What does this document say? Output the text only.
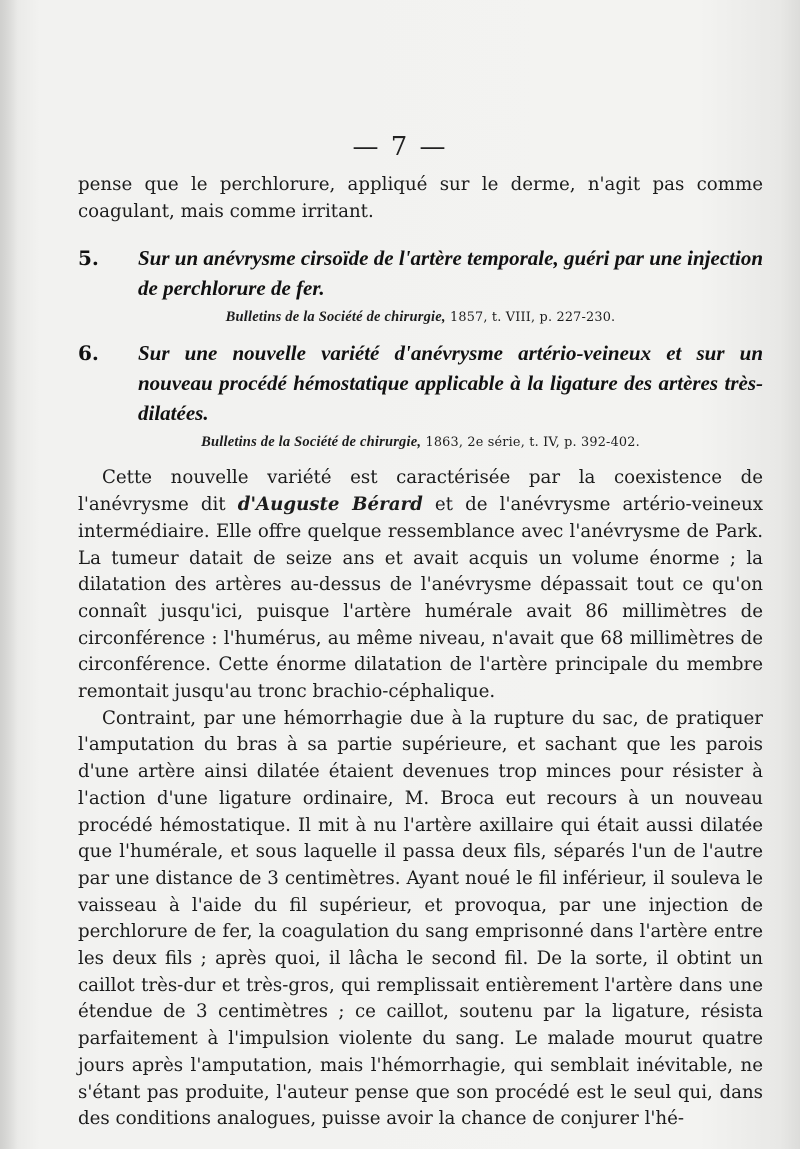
— 7 —

pense que le perchlorure, appliqué sur le derme, n'agit pas comme coagulant, mais comme irritant.

5. Sur un anévrysme cirsoïde de l'artère temporale, guéri par une injection de perchlorure de fer.
Bulletins de la Société de chirurgie, 1857, t. VIII, p. 227-230.
6. Sur une nouvelle variété d'anévrysme artério-veineux et sur un nouveau procédé hémostatique applicable à la ligature des artères très-dilatées.
Bulletins de la Société de chirurgie, 1863, 2e série, t. IV, p. 392-402.

Cette nouvelle variété est caractérisée par la coexistence de l'anévrysme dit d'Auguste Bérard et de l'anévrysme artério-veineux intermédiaire. Elle offre quelque ressemblance avec l'anévrysme de Park. La tumeur datait de seize ans et avait acquis un volume énorme ; la dilatation des artères au-dessus de l'anévrysme dépassait tout ce qu'on connaît jusqu'ici, puisque l'artère humérale avait 86 millimètres de circonférence : l'humérus, au même niveau, n'avait que 68 millimètres de circonférence. Cette énorme dilatation de l'artère principale du membre remontait jusqu'au tronc brachio-céphalique.

Contraint, par une hémorrhagie due à la rupture du sac, de pratiquer l'amputation du bras à sa partie supérieure, et sachant que les parois d'une artère ainsi dilatée étaient devenues trop minces pour résister à l'action d'une ligature ordinaire, M. Broca eut recours à un nouveau procédé hémostatique. Il mit à nu l'artère axillaire qui était aussi dilatée que l'humérale, et sous laquelle il passa deux fils, séparés l'un de l'autre par une distance de 3 centimètres. Ayant noué le fil inférieur, il souleva le vaisseau à l'aide du fil supérieur, et provoqua, par une injection de perchlorure de fer, la coagulation du sang emprisonné dans l'artère entre les deux fils ; après quoi, il lâcha le second fil. De la sorte, il obtint un caillot très-dur et très-gros, qui remplissait entièrement l'artère dans une étendue de 3 centimètres ; ce caillot, soutenu par la ligature, résista parfaitement à l'impulsion violente du sang. Le malade mourut quatre jours après l'amputation, mais l'hémorrhagie, qui semblait inévitable, ne s'étant pas produite, l'auteur pense que son procédé est le seul qui, dans des conditions analogues, puisse avoir la chance de conjurer l'hé-
